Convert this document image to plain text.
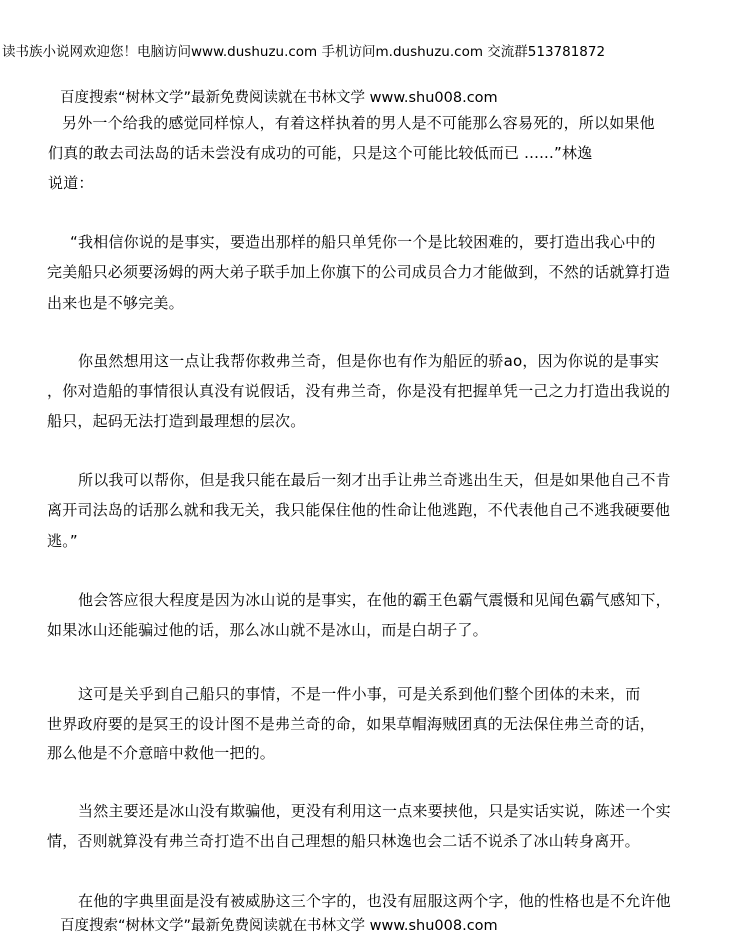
读书族小说网欢迎您！电脑访问www.dushuzu.com 手机访问m.dushuzu.com 交流群513781872
百度搜索“树林文学”最新免费阅读就在书林文学 www.shu008.com
另外一个给我的感觉同样惊人，有着这样执着的男人是不可能那么容易死的，所以如果他
们真的敢去司法岛的话未尝没有成功的可能，只是这个可能比较低而已 ......”林逸
说道：
“我相信你说的是事实，要造出那样的船只单凭你一个是比较困难的，要打造出我心中的
完美船只必须要汤姆的两大弟子联手加上你旗下的公司成员合力才能做到，不然的话就算打造
出来也是不够完美。
你虽然想用这一点让我帮你救弗兰奇，但是你也有作为船匠的骄ao，因为你说的是事实
，你对造船的事情很认真没有说假话，没有弗兰奇，你是没有把握单凭一己之力打造出我说的
船只，起码无法打造到最理想的层次。
所以我可以帮你，但是我只能在最后一刻才出手让弗兰奇逃出生天，但是如果他自己不肯
离开司法岛的话那么就和我无关，我只能保住他的性命让他逃跑，不代表他自己不逃我硬要他
逃。”
他会答应很大程度是因为冰山说的是事实，在他的霸王色霸气震慑和见闻色霸气感知下，
如果冰山还能骗过他的话，那么冰山就不是冰山，而是白胡子了。
这可是关乎到自己船只的事情，不是一件小事，可是关系到他们整个团体的未来，而
世界政府要的是冥王的设计图不是弗兰奇的命，如果草帽海贼团真的无法保住弗兰奇的话，
那么他是不介意暗中救他一把的。
当然主要还是冰山没有欺骗他，更没有利用这一点来要挟他，只是实话实说，陈述一个实
情，否则就算没有弗兰奇打造不出自己理想的船只林逸也会二话不说杀了冰山转身离开。
在他的字典里面是没有被威胁这三个字的，也没有屈服这两个字，他的性格也是不允许他
百度搜索“树林文学”最新免费阅读就在书林文学 www.shu008.com
